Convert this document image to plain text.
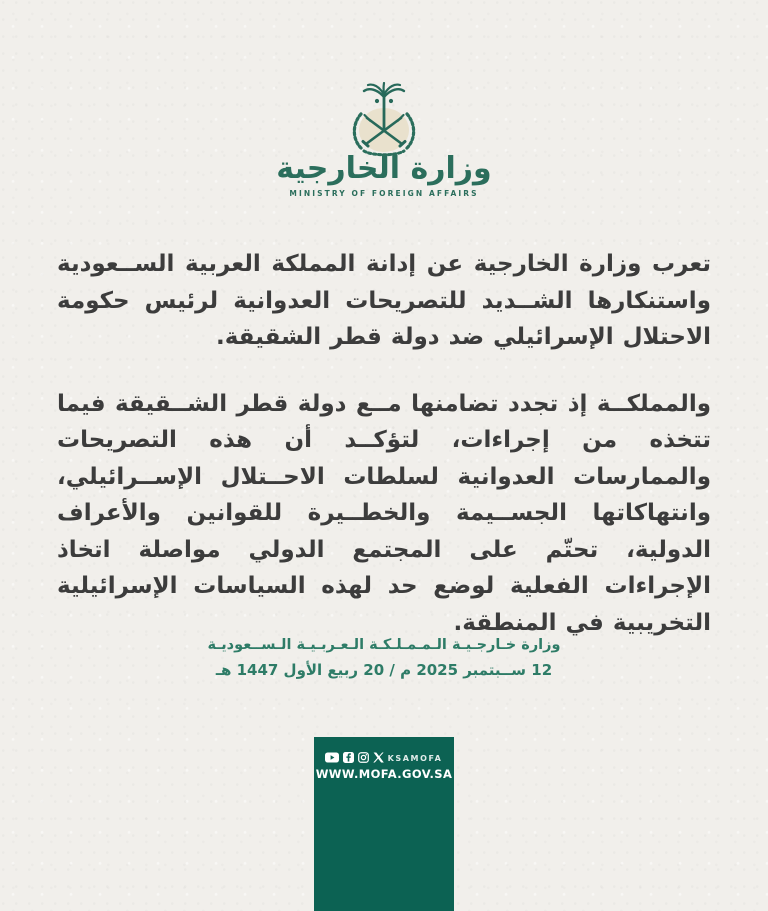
وزارة الخارجية
MINISTRY OF FOREIGN AFFAIRS

تعرب وزارة الخارجية عن إدانة المملكة العربية الســعودية واستنكارها الشــديد للتصريحات العدوانية لرئيس حكومة الاحتلال الإسرائيلي ضد دولة قطر الشقيقة.

والمملكــة إذ تجدد تضامنها مــع دولة قطر الشــقيقة فيما تتخذه من إجراءات، لتؤكــد أن هذه التصريحات والممارسات العدوانية لسلطات الاحــتلال الإســرائيلي، وانتهاكاتها الجســيمة والخطــيرة للقوانين والأعراف الدولية، تحتّم على المجتمع الدولي مواصلة اتخاذ الإجراءات الفعلية لوضع حد لهذه السياسات الإسرائيلية التخريبية في المنطقة.

وزارة خـارجـيـة الـمـمـلـكـة الـعـربـيـة الـســعوديـة
12 ســبتمبر 2025 م / 20 ربيع الأول 1447 هـ
KSAMOFA
WWW.MOFA.GOV.SA
